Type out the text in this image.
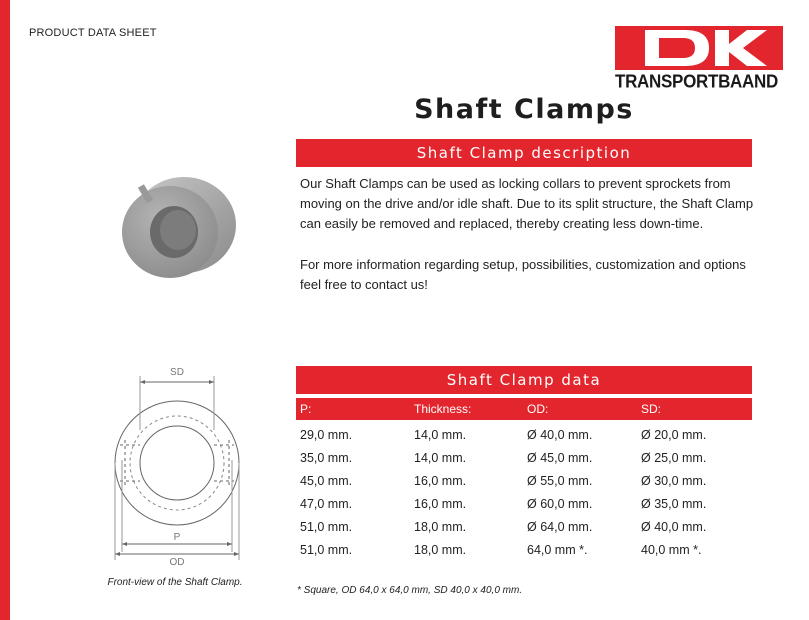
PRODUCT DATA SHEET
TRANSPORTBAAND
Shaft Clamps
Shaft Clamp description

Our Shaft Clamps can be used as locking collars to prevent sprockets from moving on the drive and/or idle shaft. Due to its split structure, the Shaft Clamp can easily be removed and replaced, thereby creating less down-time.

For more information regarding setup, possibilities, customization and options feel free to contact us!

SD
P
OD
Front-view of the Shaft Clamp.
Shaft Clamp data
P:	Thickness:	OD:	SD:
29,0 mm.	14,0 mm.	Ø 40,0 mm.	Ø 20,0 mm.
35,0 mm.	14,0 mm.	Ø 45,0 mm.	Ø 25,0 mm.
45,0 mm.	16,0 mm.	Ø 55,0 mm.	Ø 30,0 mm.
47,0 mm.	16,0 mm.	Ø 60,0 mm.	Ø 35,0 mm.
51,0 mm.	18,0 mm.	Ø 64,0 mm.	Ø 40,0 mm.
51,0 mm.	18,0 mm.	64,0 mm *.	40,0 mm *.
* Square, OD 64,0 x 64,0 mm, SD 40,0 x 40,0 mm.
